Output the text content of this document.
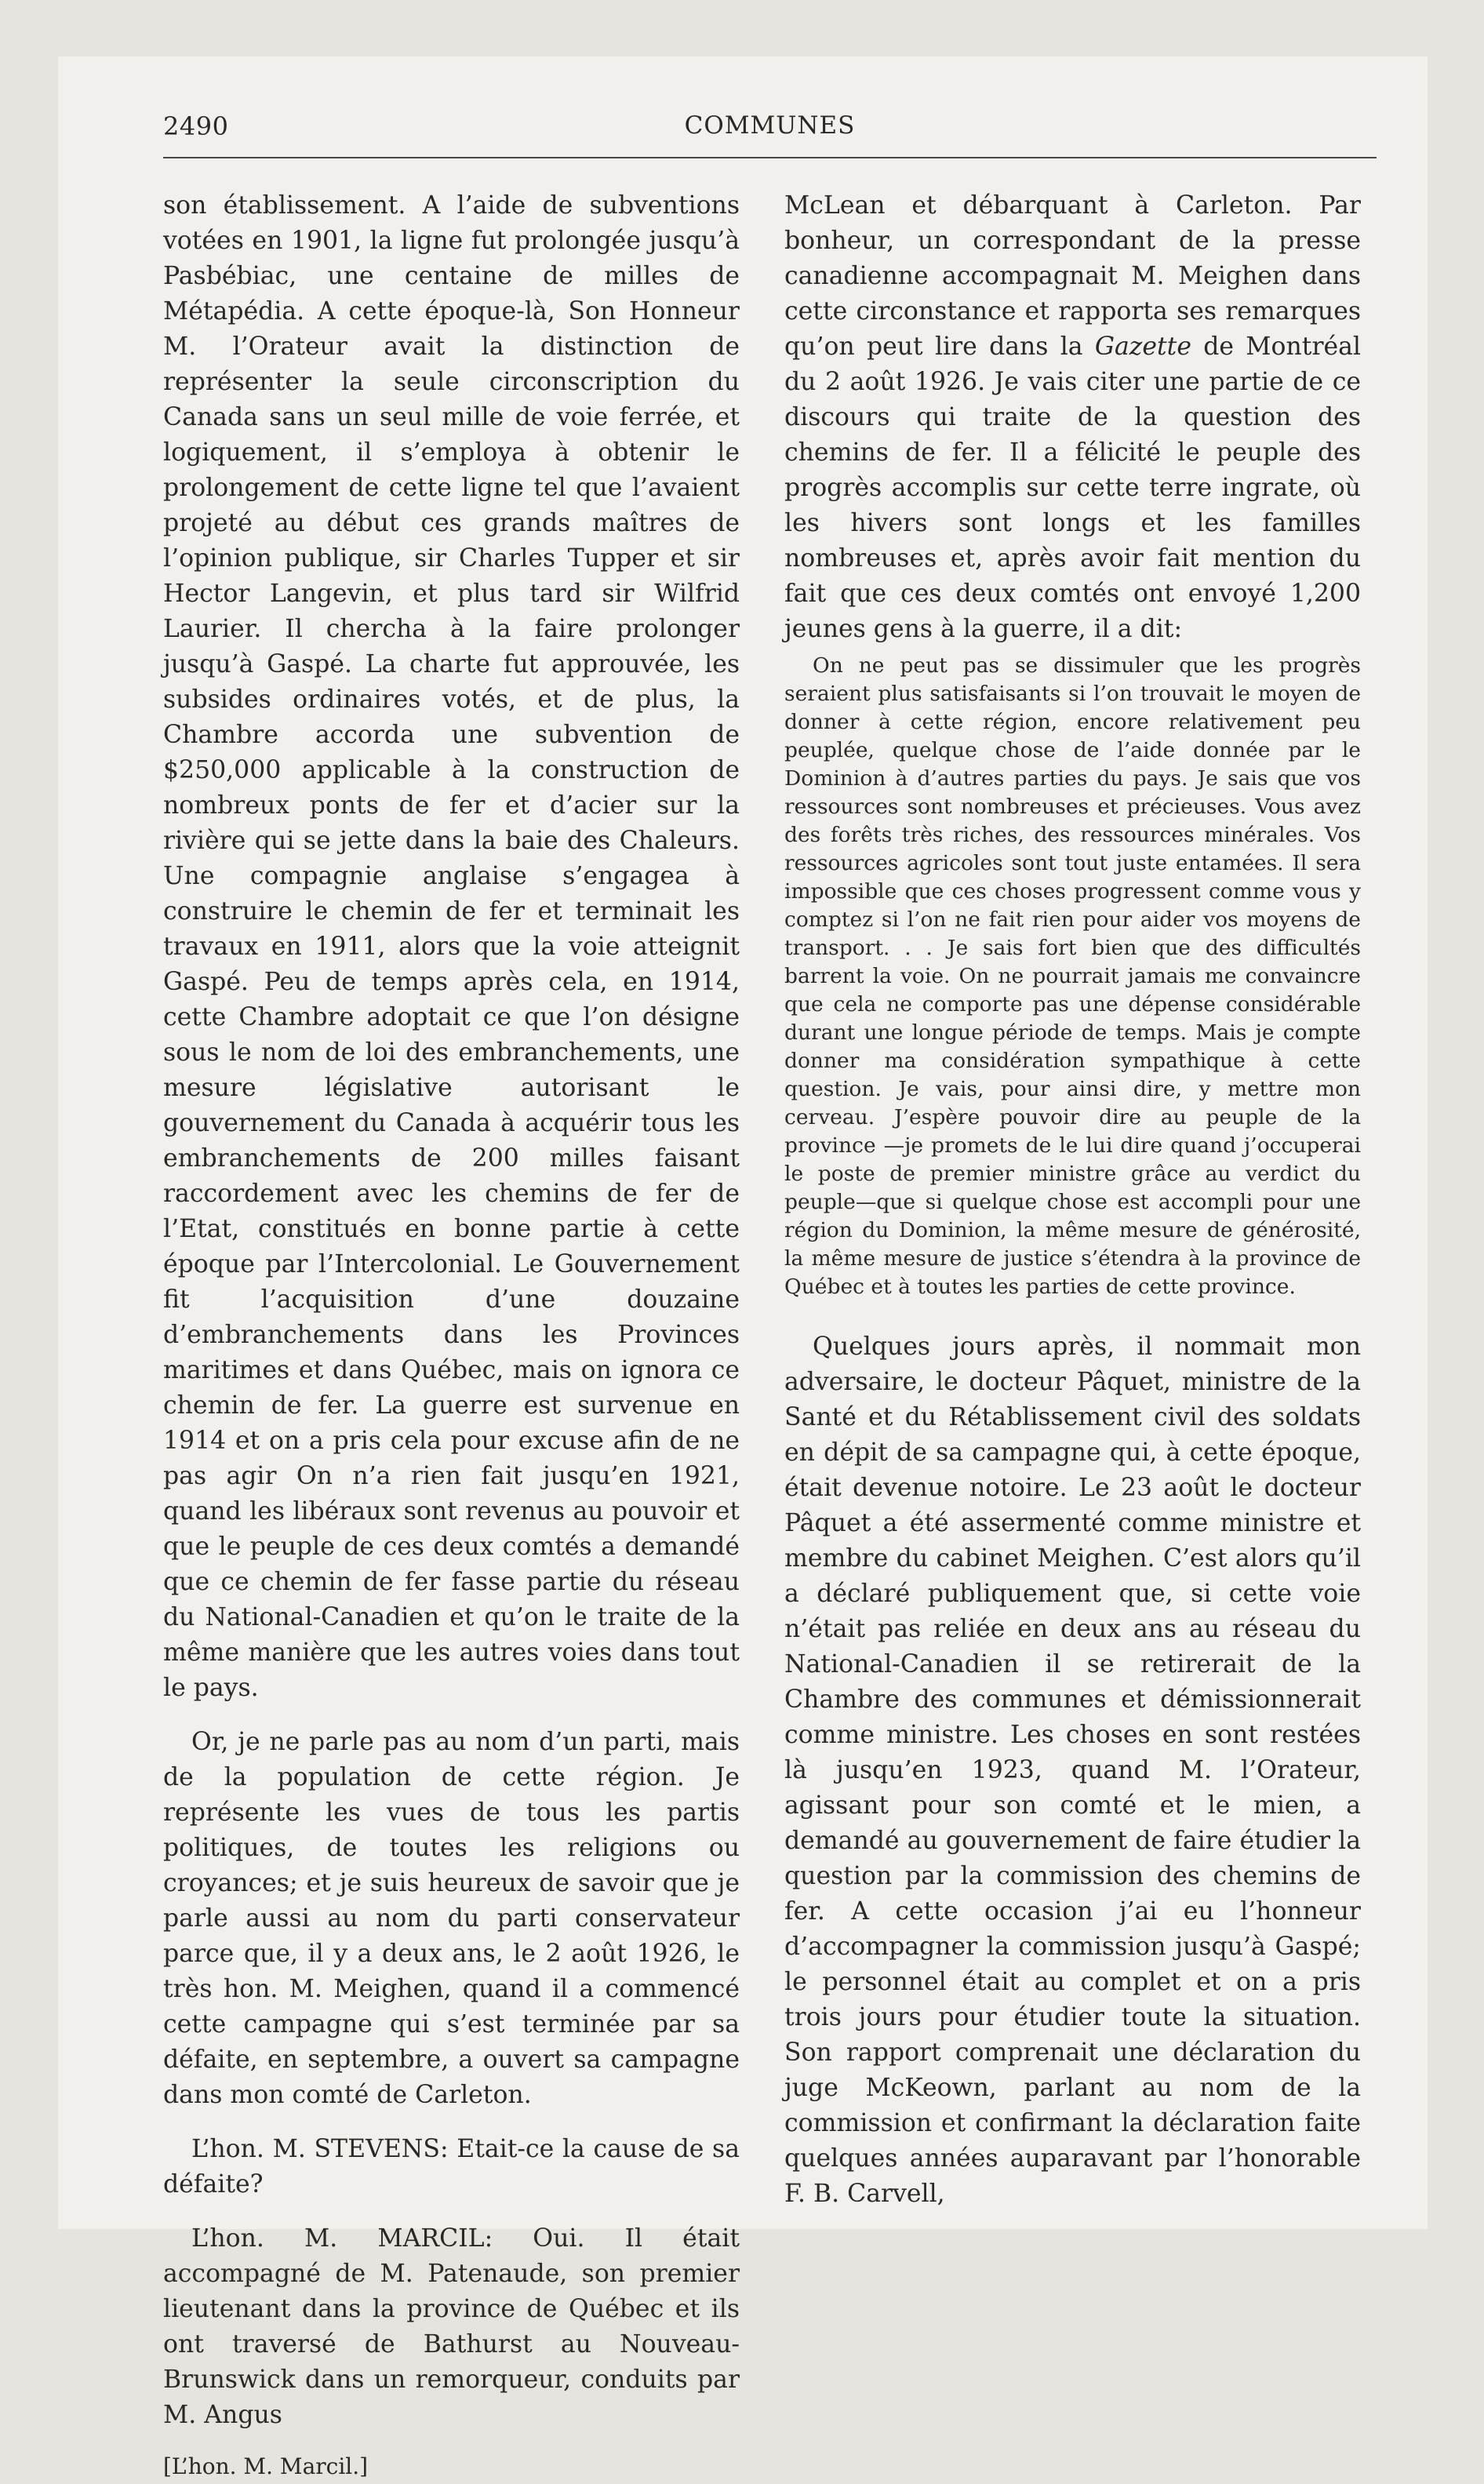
2490	COMMUNES

son établissement. A l’aide de subventions votées en 1901, la ligne fut prolongée jusqu’à Pasbébiac, une centaine de milles de Métapédia. A cette époque-là, Son Honneur M. l’Orateur avait la distinction de représenter la seule circonscription du Canada sans un seul mille de voie ferrée, et logiquement, il s’employa à obtenir le prolongement de cette ligne tel que l’avaient projeté au début ces grands maîtres de l’opinion publique, sir Charles Tupper et sir Hector Langevin, et plus tard sir Wilfrid Laurier. Il chercha à la faire prolonger jusqu’à Gaspé. La charte fut approuvée, les subsides ordinaires votés, et de plus, la Chambre accorda une subvention de $250,000 applicable à la construction de nombreux ponts de fer et d’acier sur la rivière qui se jette dans la baie des Chaleurs. Une compagnie anglaise s’engagea à construire le chemin de fer et terminait les travaux en 1911, alors que la voie atteignit Gaspé. Peu de temps après cela, en 1914, cette Chambre adoptait ce que l’on désigne sous le nom de loi des embranchements, une mesure législative autorisant le gouvernement du Canada à acquérir tous les embranchements de 200 milles faisant raccordement avec les chemins de fer de l’Etat, constitués en bonne partie à cette époque par l’Intercolonial. Le Gouvernement fit l’acquisition d’une douzaine d’embranchements dans les Provinces maritimes et dans Québec, mais on ignora ce chemin de fer. La guerre est survenue en 1914 et on a pris cela pour excuse afin de ne pas agir On n’a rien fait jusqu’en 1921, quand les libéraux sont revenus au pouvoir et que le peuple de ces deux comtés a demandé que ce chemin de fer fasse partie du réseau du National-Canadien et qu’on le traite de la même manière que les autres voies dans tout le pays.

Or, je ne parle pas au nom d’un parti, mais de la population de cette région. Je représente les vues de tous les partis politiques, de toutes les religions ou croyances; et je suis heureux de savoir que je parle aussi au nom du parti conservateur parce que, il y a deux ans, le 2 août 1926, le très hon. M. Meighen, quand il a commencé cette campagne qui s’est terminée par sa défaite, en septembre, a ouvert sa campagne dans mon comté de Carleton.

L’hon. M. STEVENS: Etait-ce la cause de sa défaite?

L’hon. M. MARCIL: Oui. Il était accompagné de M. Patenaude, son premier lieutenant dans la province de Québec et ils ont traversé de Bathurst au Nouveau-Brunswick dans un remorqueur, conduits par M. Angus

[L’hon. M. Marcil.]

McLean et débarquant à Carleton. Par bonheur, un correspondant de la presse canadienne accompagnait M. Meighen dans cette circonstance et rapporta ses remarques qu’on peut lire dans la Gazette de Montréal du 2 août 1926. Je vais citer une partie de ce discours qui traite de la question des chemins de fer. Il a félicité le peuple des progrès accomplis sur cette terre ingrate, où les hivers sont longs et les familles nombreuses et, après avoir fait mention du fait que ces deux comtés ont envoyé 1,200 jeunes gens à la guerre, il a dit:

On ne peut pas se dissimuler que les progrès seraient plus satisfaisants si l’on trouvait le moyen de donner à cette région, encore relativement peu peuplée, quelque chose de l’aide donnée par le Dominion à d’autres parties du pays. Je sais que vos ressources sont nombreuses et précieuses. Vous avez des forêts très riches, des ressources minérales. Vos ressources agricoles sont tout juste entamées. Il sera impossible que ces choses progressent comme vous y comptez si l’on ne fait rien pour aider vos moyens de transport. . . Je sais fort bien que des difficultés barrent la voie. On ne pourrait jamais me convaincre que cela ne comporte pas une dépense considérable durant une longue période de temps. Mais je compte donner ma considération sympathique à cette question. Je vais, pour ainsi dire, y mettre mon cerveau. J’espère pouvoir dire au peuple de la province —je promets de le lui dire quand j’occuperai le poste de premier ministre grâce au verdict du peuple—que si quelque chose est accompli pour une région du Dominion, la même mesure de générosité, la même mesure de justice s’étendra à la province de Québec et à toutes les parties de cette province.

Quelques jours après, il nommait mon adversaire, le docteur Pâquet, ministre de la Santé et du Rétablissement civil des soldats en dépit de sa campagne qui, à cette époque, était devenue notoire. Le 23 août le docteur Pâquet a été assermenté comme ministre et membre du cabinet Meighen. C’est alors qu’il a déclaré publiquement que, si cette voie n’était pas reliée en deux ans au réseau du National-Canadien il se retirerait de la Chambre des communes et démissionnerait comme ministre. Les choses en sont restées là jusqu’en 1923, quand M. l’Orateur, agissant pour son comté et le mien, a demandé au gouvernement de faire étudier la question par la commission des chemins de fer. A cette occasion j’ai eu l’honneur d’accompagner la commission jusqu’à Gaspé; le personnel était au complet et on a pris trois jours pour étudier toute la situation. Son rapport comprenait une déclaration du juge McKeown, parlant au nom de la commission et confirmant la déclaration faite quelques années auparavant par l’honorable F. B. Carvell,
